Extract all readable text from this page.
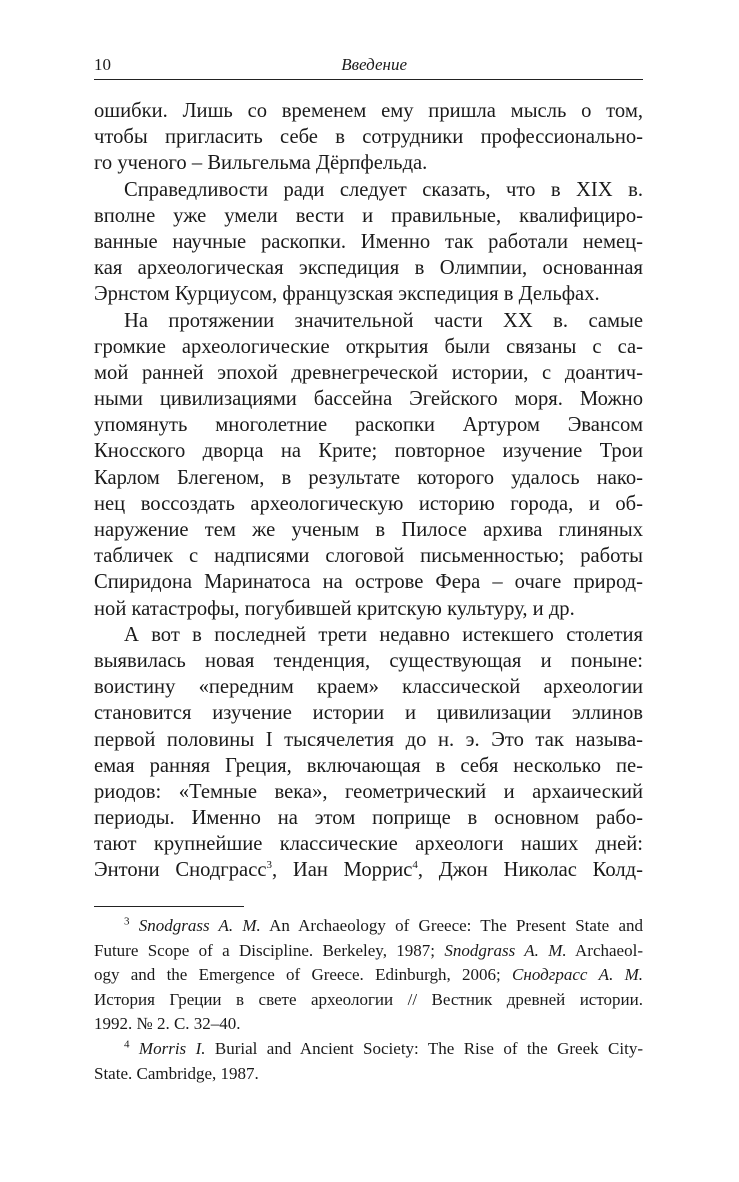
10	Введение
ошибки. Лишь со временем ему пришла мысль о том,
чтобы пригласить себе в сотрудники профессионально-
го ученого – Вильгельма Дёрпфельда.
Справедливости ради следует сказать, что в XIX в.
вполне уже умели вести и правильные, квалифициро-
ванные научные раскопки. Именно так работали немец-
кая археологическая экспедиция в Олимпии, основанная
Эрнстом Курциусом, французская экспедиция в Дельфах.
На протяжении значительной части XX в. самые
громкие археологические открытия были связаны с са-
мой ранней эпохой древнегреческой истории, с доантич-
ными цивилизациями бассейна Эгейского моря. Можно
упомянуть многолетние раскопки Артуром Эвансом
Кносского дворца на Крите; повторное изучение Трои
Карлом Блегеном, в результате которого удалось нако-
нец воссоздать археологическую историю города, и об-
наружение тем же ученым в Пилосе архива глиняных
табличек с надписями слоговой письменностью; работы
Спиридона Маринатоса на острове Фера – очаге природ-
ной катастрофы, погубившей критскую культуру, и др.
А вот в последней трети недавно истекшего столетия
выявилась новая тенденция, существующая и поныне:
воистину «передним краем» классической археологии
становится изучение истории и цивилизации эллинов
первой половины I тысячелетия до н. э. Это так называ-
емая ранняя Греция, включающая в себя несколько пе-
риодов: «Темные века», геометрический и архаический
периоды. Именно на этом поприще в основном рабо-
тают крупнейшие классические археологи наших дней:
Энтони Снодграсс$^3$, Иан Моррис$^4$, Джон Николас Колд-
$^3$ Snodgrass A. M. An Archaeology of Greece: The Present State and
Future Scope of a Discipline. Berkeley, 1987; Snodgrass A. M. Archaeol-
ogy and the Emergence of Greece. Edinburgh, 2006; Снодграсс А. М.
История Греции в свете археологии // Вестник древней истории.
1992. № 2. С. 32–40.
$^4$ Morris I. Burial and Ancient Society: The Rise of the Greek City-
State. Cambridge, 1987.
